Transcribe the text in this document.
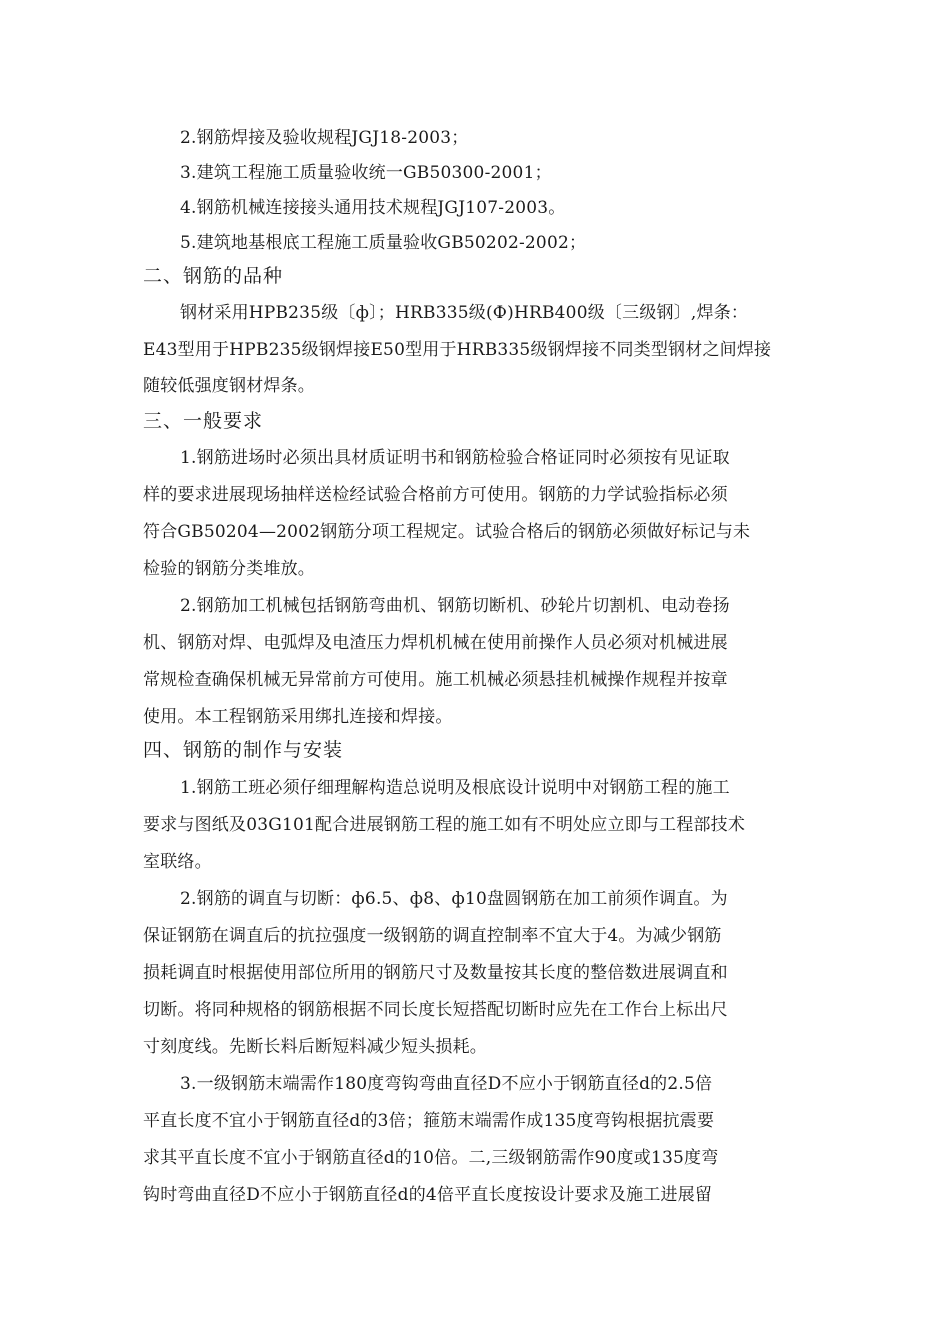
2.钢筋焊接及验收规程JGJ18-2003；
3.建筑工程施工质量验收统一GB50300-2001；
4.钢筋机械连接接头通用技术规程JGJ107-2003。
5.建筑地基根底工程施工质量验收GB50202-2002；
二、钢筋的品种
钢材采用HPB235级〔ф〕；HRB335级(Ф)HRB400级〔三级钢〕,焊条：
E43型用于HPB235级钢焊接E50型用于HRB335级钢焊接不同类型钢材之间焊接
随较低强度钢材焊条。
三、一般要求
1.钢筋进场时必须出具材质证明书和钢筋检验合格证同时必须按有见证取
样的要求进展现场抽样送检经试验合格前方可使用。钢筋的力学试验指标必须
符合GB50204—2002钢筋分项工程规定。试验合格后的钢筋必须做好标记与未
检验的钢筋分类堆放。
2.钢筋加工机械包括钢筋弯曲机、钢筋切断机、砂轮片切割机、电动卷扬
机、钢筋对焊、电弧焊及电渣压力焊机机械在使用前操作人员必须对机械进展
常规检查确保机械无异常前方可使用。施工机械必须悬挂机械操作规程并按章
使用。本工程钢筋采用绑扎连接和焊接。
四、钢筋的制作与安装
1.钢筋工班必须仔细理解构造总说明及根底设计说明中对钢筋工程的施工
要求与图纸及03G101配合进展钢筋工程的施工如有不明处应立即与工程部技术
室联络。
2.钢筋的调直与切断：ф6.5、ф8、ф10盘圆钢筋在加工前须作调直。为
保证钢筋在调直后的抗拉强度一级钢筋的调直控制率不宜大于4。为减少钢筋
损耗调直时根据使用部位所用的钢筋尺寸及数量按其长度的整倍数进展调直和
切断。将同种规格的钢筋根据不同长度长短搭配切断时应先在工作台上标出尺
寸刻度线。先断长料后断短料减少短头损耗。
3.一级钢筋末端需作180度弯钩弯曲直径D不应小于钢筋直径d的2.5倍
平直长度不宜小于钢筋直径d的3倍；箍筋末端需作成135度弯钩根据抗震要
求其平直长度不宜小于钢筋直径d的10倍。二,三级钢筋需作90度或135度弯
钩时弯曲直径D不应小于钢筋直径d的4倍平直长度按设计要求及施工进展留
